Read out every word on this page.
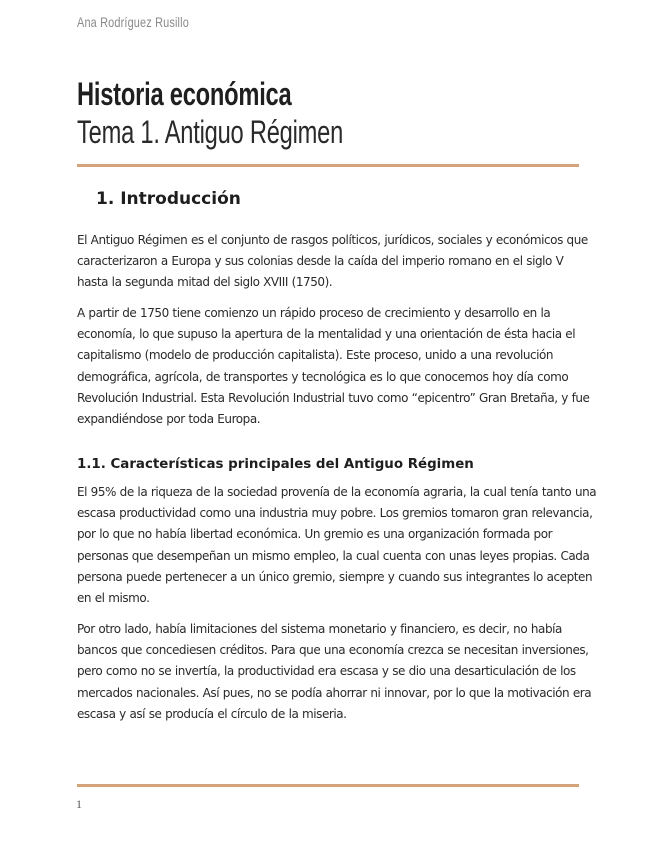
Ana Rodríguez Rusillo
Historia económica
Tema 1. Antiguo Régimen
1. Introducción

El Antiguo Régimen es el conjunto de rasgos políticos, jurídicos, sociales y económicos que
caracterizaron a Europa y sus colonias desde la caída del imperio romano en el siglo V
hasta la segunda mitad del siglo XVIII (1750).

A partir de 1750 tiene comienzo un rápido proceso de crecimiento y desarrollo en la
economía, lo que supuso la apertura de la mentalidad y una orientación de ésta hacia el
capitalismo (modelo de producción capitalista). Este proceso, unido a una revolución
demográfica, agrícola, de transportes y tecnológica es lo que conocemos hoy día como
Revolución Industrial. Esta Revolución Industrial tuvo como “epicentro” Gran Bretaña, y fue
expandiéndose por toda Europa.

1.1. Características principales del Antiguo Régimen

El 95% de la riqueza de la sociedad provenía de la economía agraria, la cual tenía tanto una
escasa productividad como una industria muy pobre. Los gremios tomaron gran relevancia,
por lo que no había libertad económica. Un gremio es una organización formada por
personas que desempeñan un mismo empleo, la cual cuenta con unas leyes propias. Cada
persona puede pertenecer a un único gremio, siempre y cuando sus integrantes lo acepten
en el mismo.

Por otro lado, había limitaciones del sistema monetario y financiero, es decir, no había
bancos que concediesen créditos. Para que una economía crezca se necesitan inversiones,
pero como no se invertía, la productividad era escasa y se dio una desarticulación de los
mercados nacionales. Así pues, no se podía ahorrar ni innovar, por lo que la motivación era
escasa y así se producía el círculo de la miseria.

1
